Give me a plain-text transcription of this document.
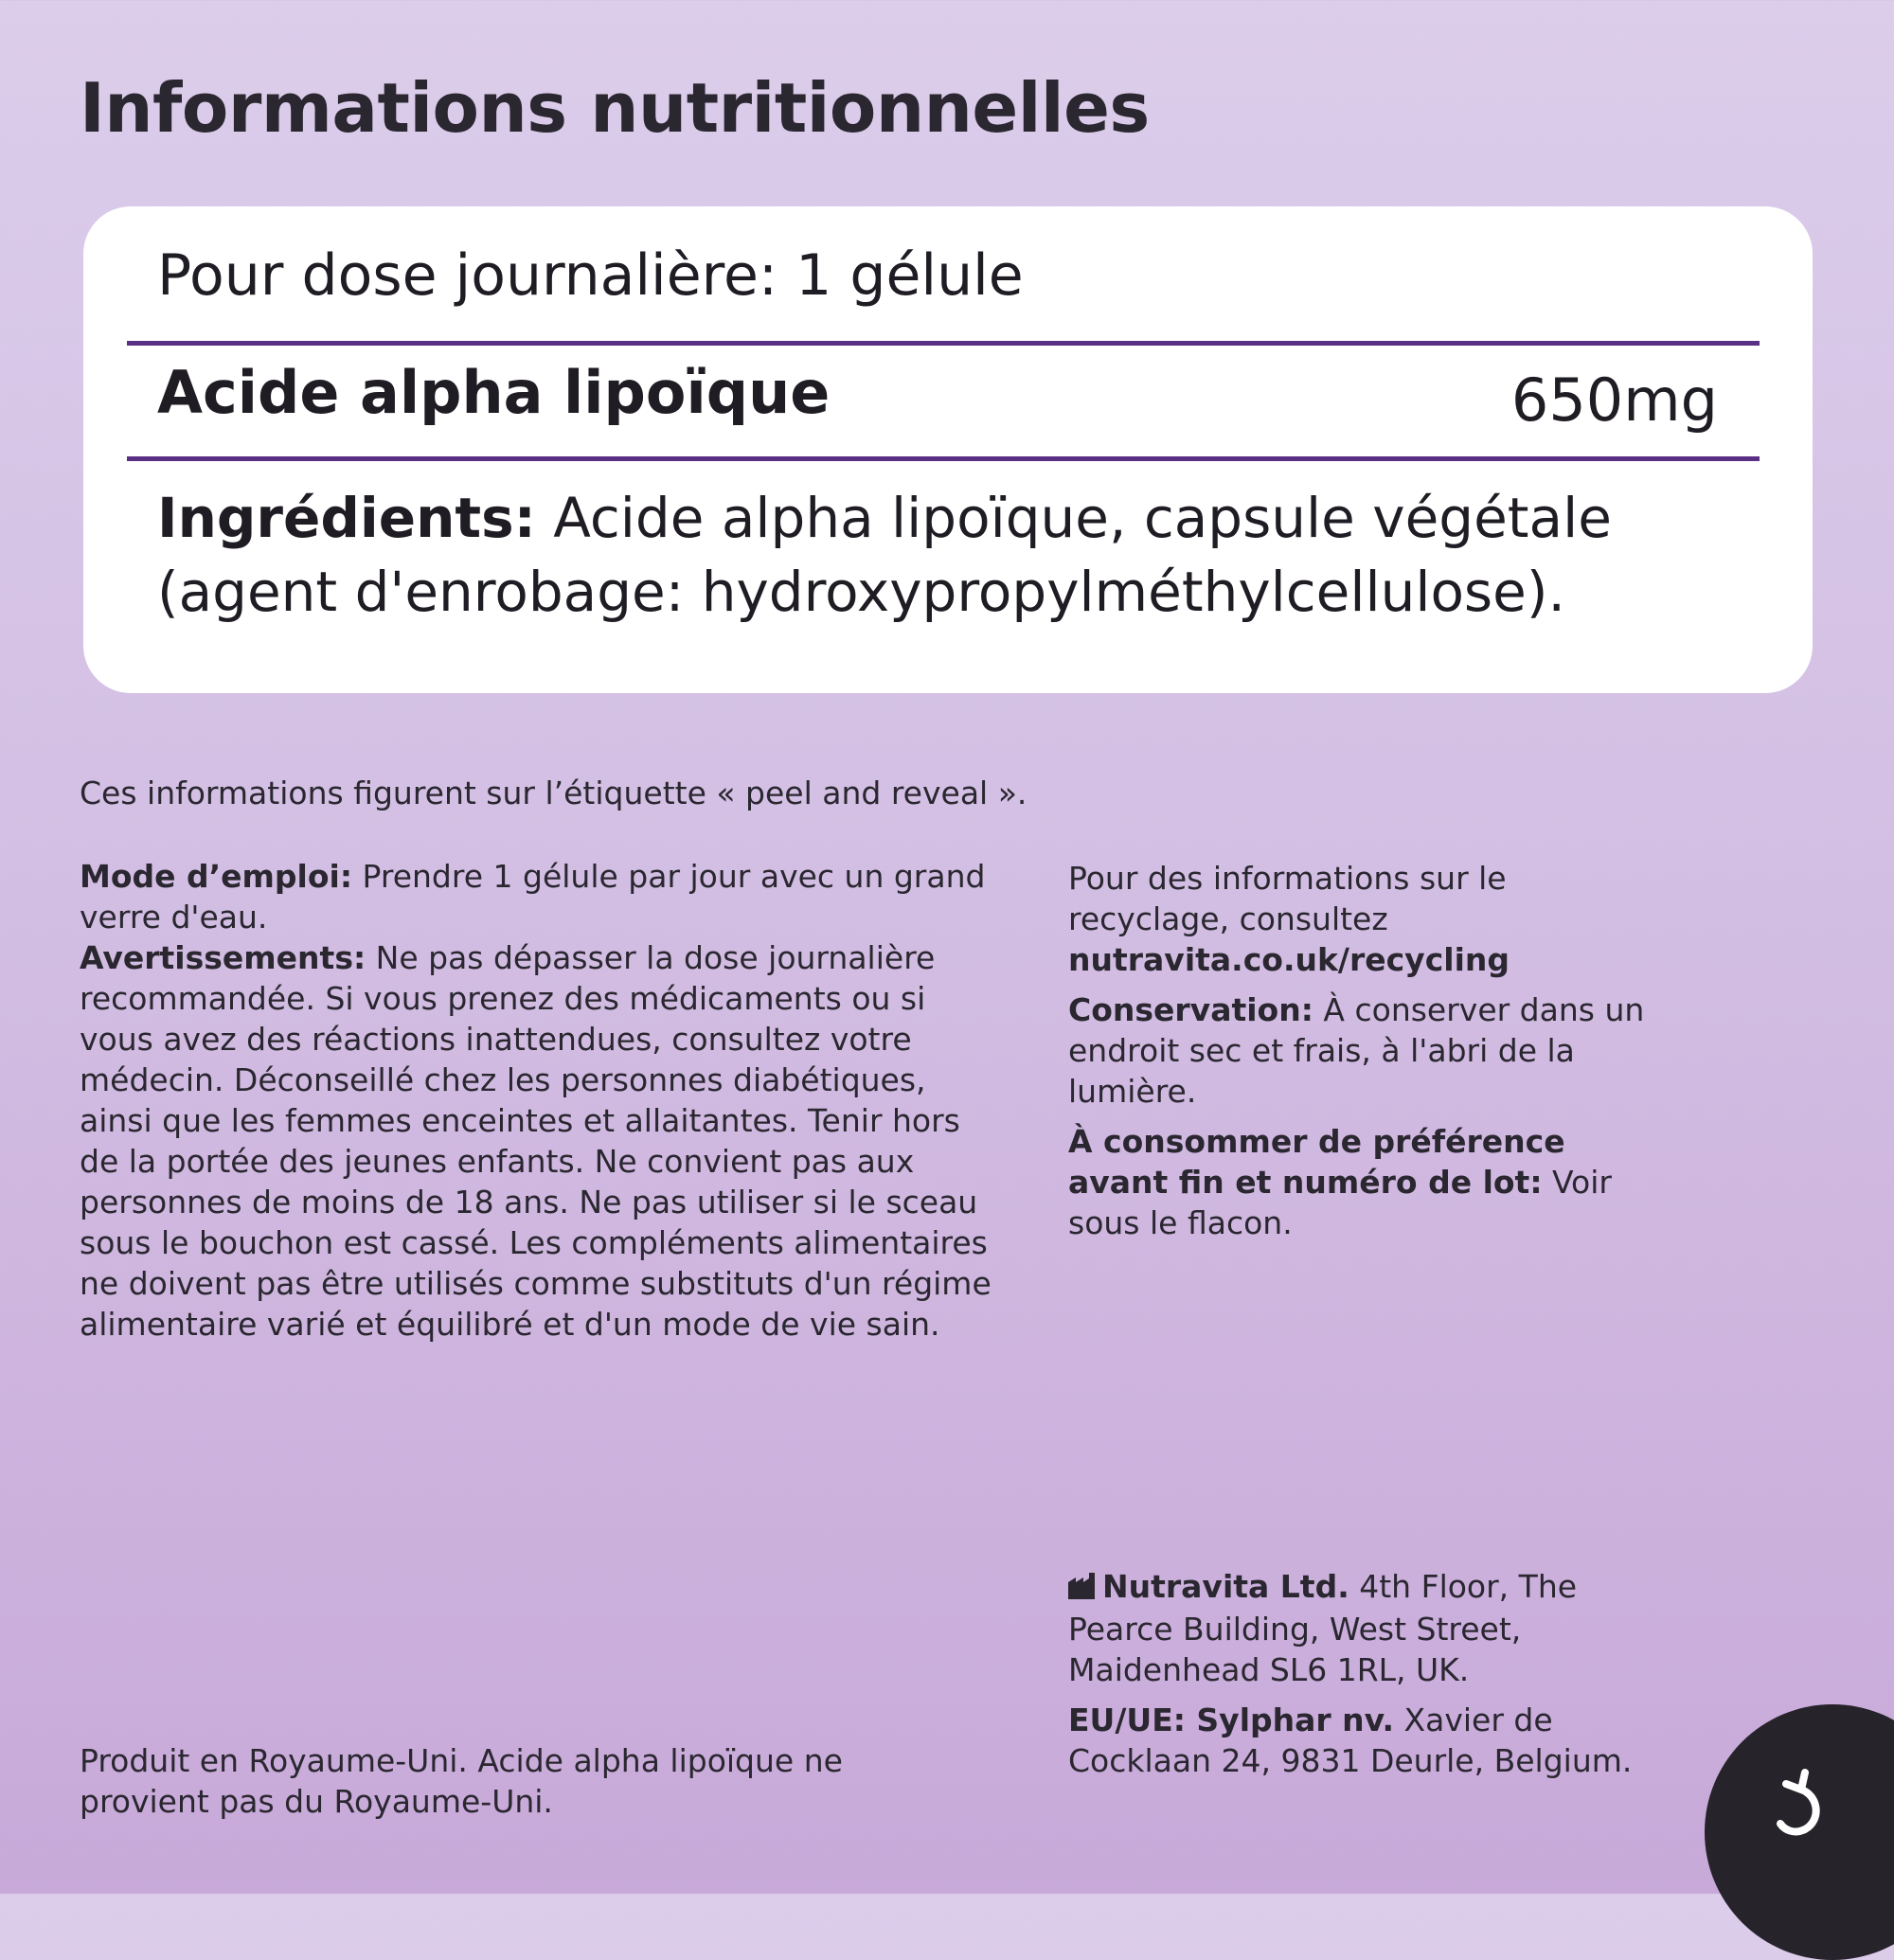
Informations nutritionnelles
Pour dose journalière: 1 gélule
Acide alpha lipoïque	650mg
Ingrédients: Acide alpha lipoïque, capsule végétale (agent d'enrobage: hydroxypropylméthylcellulose).
Ces informations figurent sur l’étiquette « peel and reveal ».

Mode d’emploi: Prendre 1 gélule par jour avec un grand verre d'eau.

Avertissements: Ne pas dépasser la dose journalière recommandée. Si vous prenez des médicaments ou si vous avez des réactions inattendues, consultez votre médecin. Déconseillé chez les personnes diabétiques, ainsi que les femmes enceintes et allaitantes. Tenir hors de la portée des jeunes enfants. Ne convient pas aux personnes de moins de 18 ans. Ne pas utiliser si le sceau sous le bouchon est cassé. Les compléments alimentaires ne doivent pas être utilisés comme substituts d'un régime alimentaire varié et équilibré et d'un mode de vie sain.

Pour des informations sur le recyclage, consultez
nutravita.co.uk/recycling

Conservation: À conserver dans un endroit sec et frais, à l'abri de la lumière.

À consommer de préférence avant fin et numéro de lot: Voir sous le flacon.

Nutravita Ltd. 4th Floor, The Pearce Building, West Street, Maidenhead SL6 1RL, UK.

EU/UE: Sylphar nv. Xavier de Cocklaan 24, 9831 Deurle, Belgium.

Produit en Royaume-Uni. Acide alpha lipoïque ne provient pas du Royaume-Uni.
